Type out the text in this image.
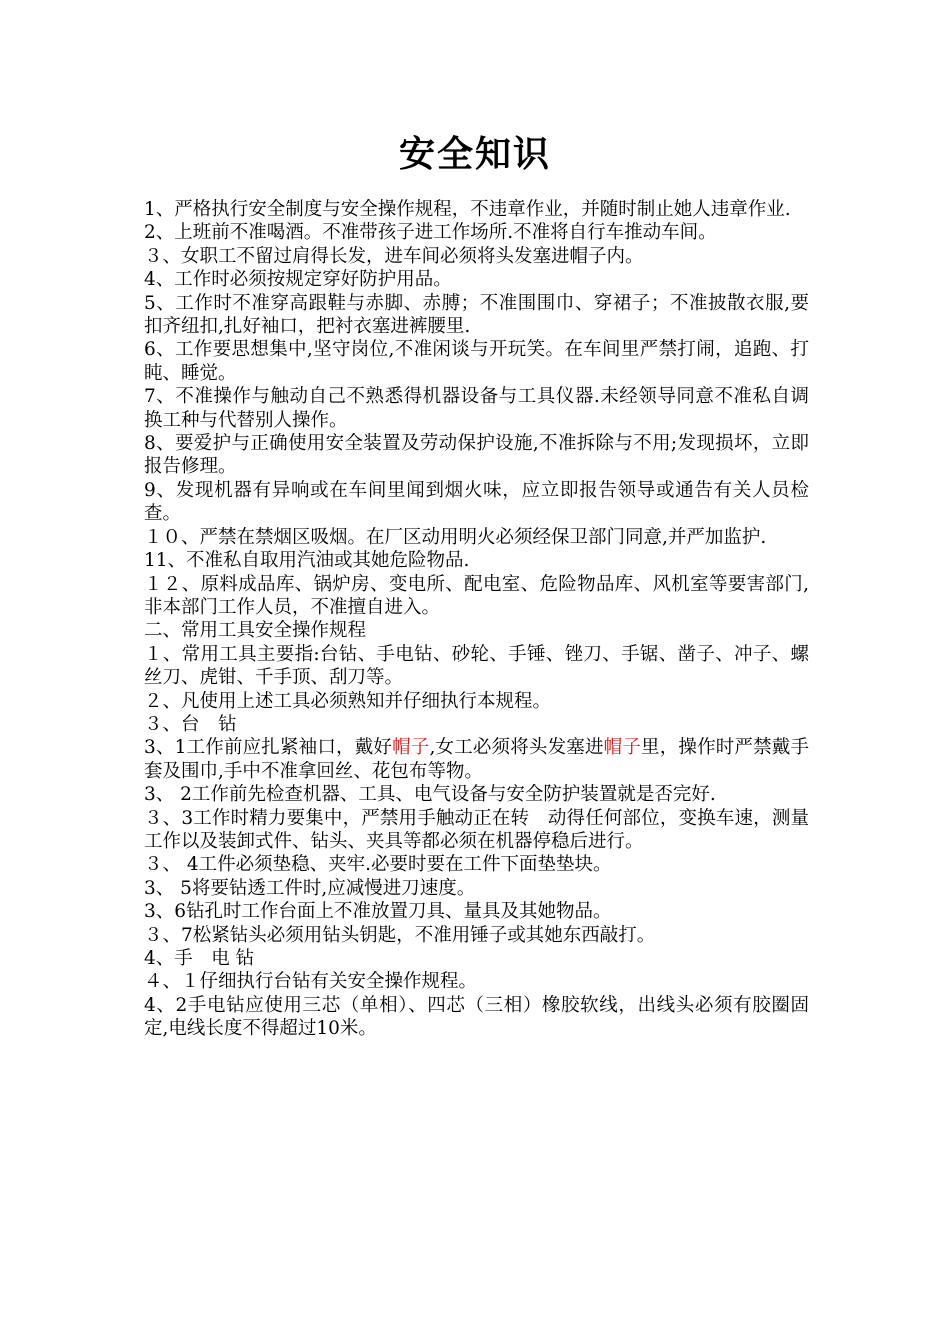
安全知识

1、严格执行安全制度与安全操作规程，不违章作业，并随时制止她人违章作业.

2、上班前不准喝酒。不准带孩子进工作场所.不准将自行车推动车间。

３、女职工不留过肩得长发，进车间必须将头发塞进帽子内。

4、工作时必须按规定穿好防护用品。

5、工作时不准穿高跟鞋与赤脚、赤膊；不准围围巾、穿裙子；不准披散衣服,要扣齐纽扣,扎好袖口，把衬衣塞进裤腰里.

6、工作要思想集中,坚守岗位,不准闲谈与开玩笑。在车间里严禁打闹，追跑、打盹、睡觉。

7、不准操作与触动自己不熟悉得机器设备与工具仪器.未经领导同意不准私自调换工种与代替别人操作。

8、要爱护与正确使用安全装置及劳动保护设施,不准拆除与不用;发现损坏，立即报告修理。

9、发现机器有异响或在车间里闻到烟火味，应立即报告领导或通告有关人员检查。

１０、严禁在禁烟区吸烟。在厂区动用明火必须经保卫部门同意,并严加监护.

11、不准私自取用汽油或其她危险物品.

１２、原料成品库、锅炉房、变电所、配电室、危险物品库、风机室等要害部门,非本部门工作人员，不准擅自进入。

二、常用工具安全操作规程

１、常用工具主要指:台钻、手电钻、砂轮、手锤、锉刀、手锯、凿子、冲子、螺丝刀、虎钳、千手顶、刮刀等。

２、凡使用上述工具必须熟知并仔细执行本规程。

３、台　钻

3、1工作前应扎紧袖口，戴好帽子,女工必须将头发塞进帽子里，操作时严禁戴手套及围巾,手中不准拿回丝、花包布等物。

3、 2工作前先检查机器、工具、电气设备与安全防护装置就是否完好.

３、3工作时精力要集中，严禁用手触动正在转　动得任何部位，变换车速，测量工作以及装卸式件、钻头、夹具等都必须在机器停稳后进行。

３、 4工件必须垫稳、夹牢.必要时要在工件下面垫垫块。

3、 5将要钻透工件时,应减慢进刀速度。

3、6钻孔时工作台面上不准放置刀具、量具及其她物品。

３、7松紧钻头必须用钻头钥匙，不准用锤子或其她东西敲打。

4、手　电 钻

４、１仔细执行台钻有关安全操作规程。

4、2手电钻应使用三芯（单相）、四芯（三相）橡胶软线，出线头必须有胶圈固定,电线长度不得超过10米。
